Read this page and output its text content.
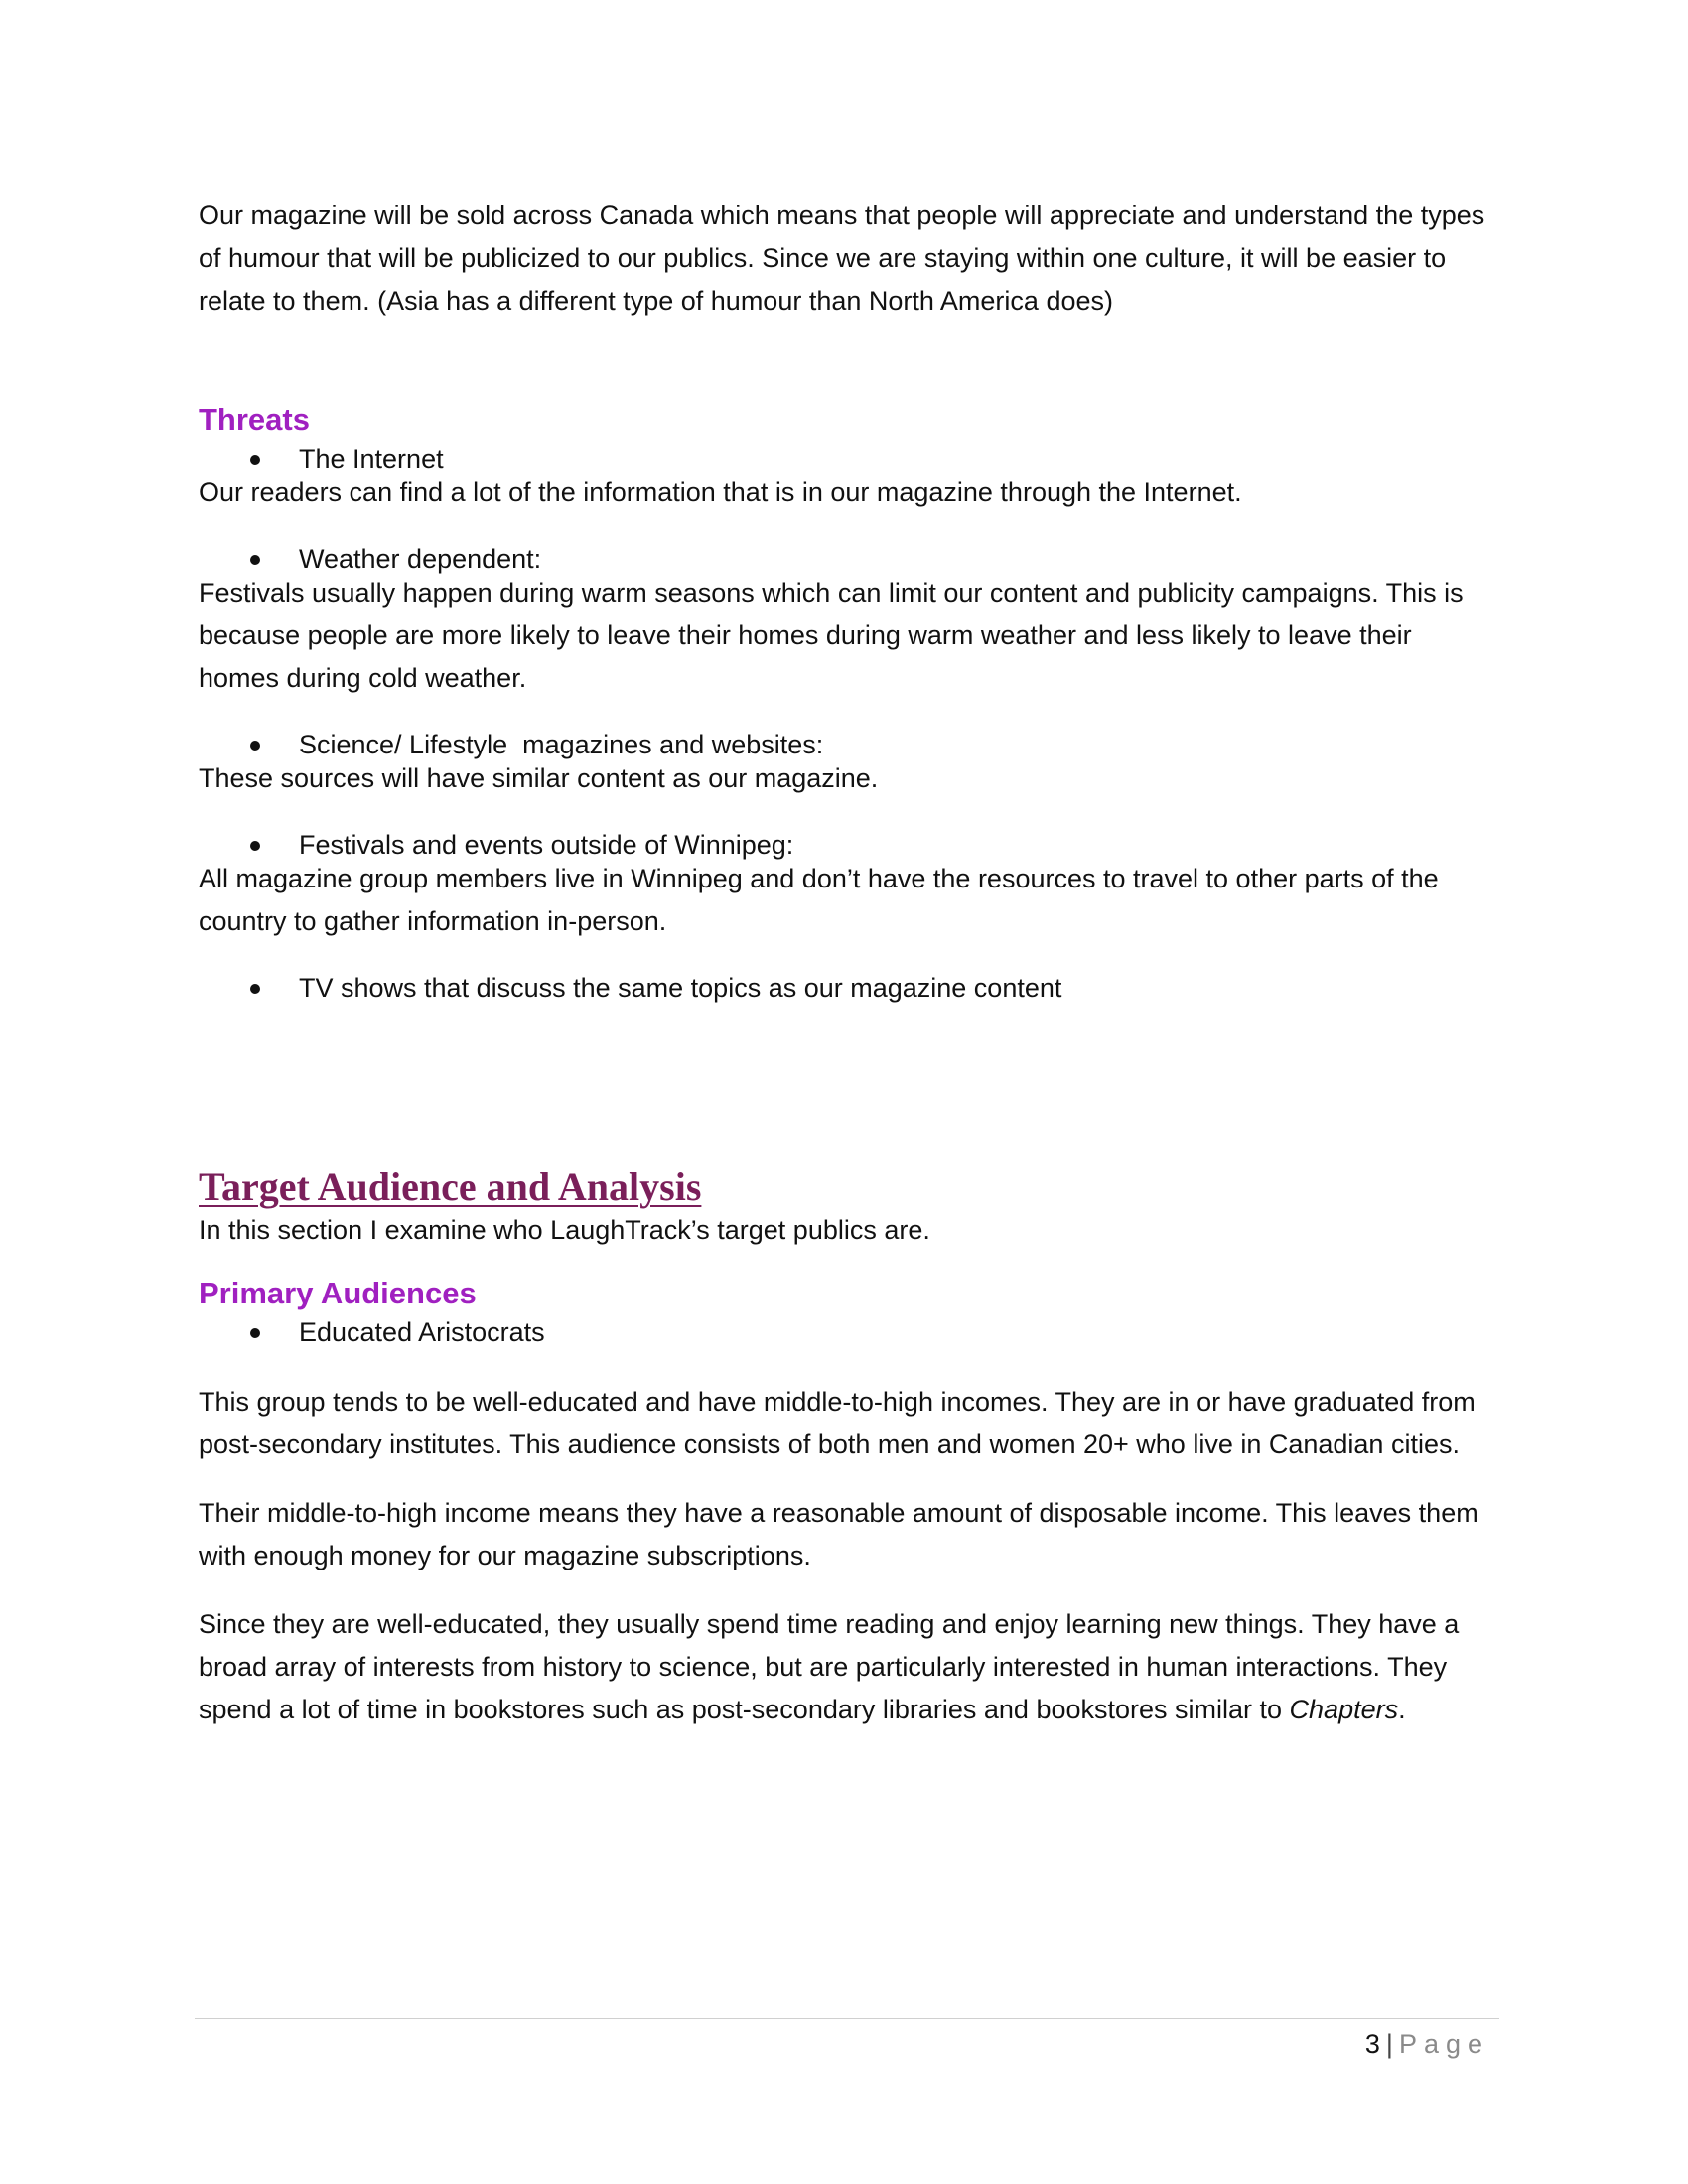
Our magazine will be sold across Canada which means that people will appreciate and understand the types of humour that will be publicized to our publics. Since we are staying within one culture, it will be easier to relate to them. (Asia has a different type of humour than North America does)

Threats
The Internet

Our readers can find a lot of the information that is in our magazine through the Internet.

Weather dependent:

Festivals usually happen during warm seasons which can limit our content and publicity campaigns. This is because people are more likely to leave their homes during warm weather and less likely to leave their homes during cold weather.

Science/ Lifestyle  magazines and websites:

These sources will have similar content as our magazine.

Festivals and events outside of Winnipeg:

All magazine group members live in Winnipeg and don’t have the resources to travel to other parts of the country to gather information in-person.

TV shows that discuss the same topics as our magazine content
Target Audience and Analysis

In this section I examine who LaughTrack’s target publics are.

Primary Audiences
Educated Aristocrats

This group tends to be well-educated and have middle-to-high incomes. They are in or have graduated from post-secondary institutes. This audience consists of both men and women 20+ who live in Canadian cities.

Their middle-to-high income means they have a reasonable amount of disposable income. This leaves them with enough money for our magazine subscriptions.

Since they are well-educated, they usually spend time reading and enjoy learning new things. They have a broad array of interests from history to science, but are particularly interested in human interactions. They spend a lot of time in bookstores such as post-secondary libraries and bookstores similar to Chapters.

3 | Page
